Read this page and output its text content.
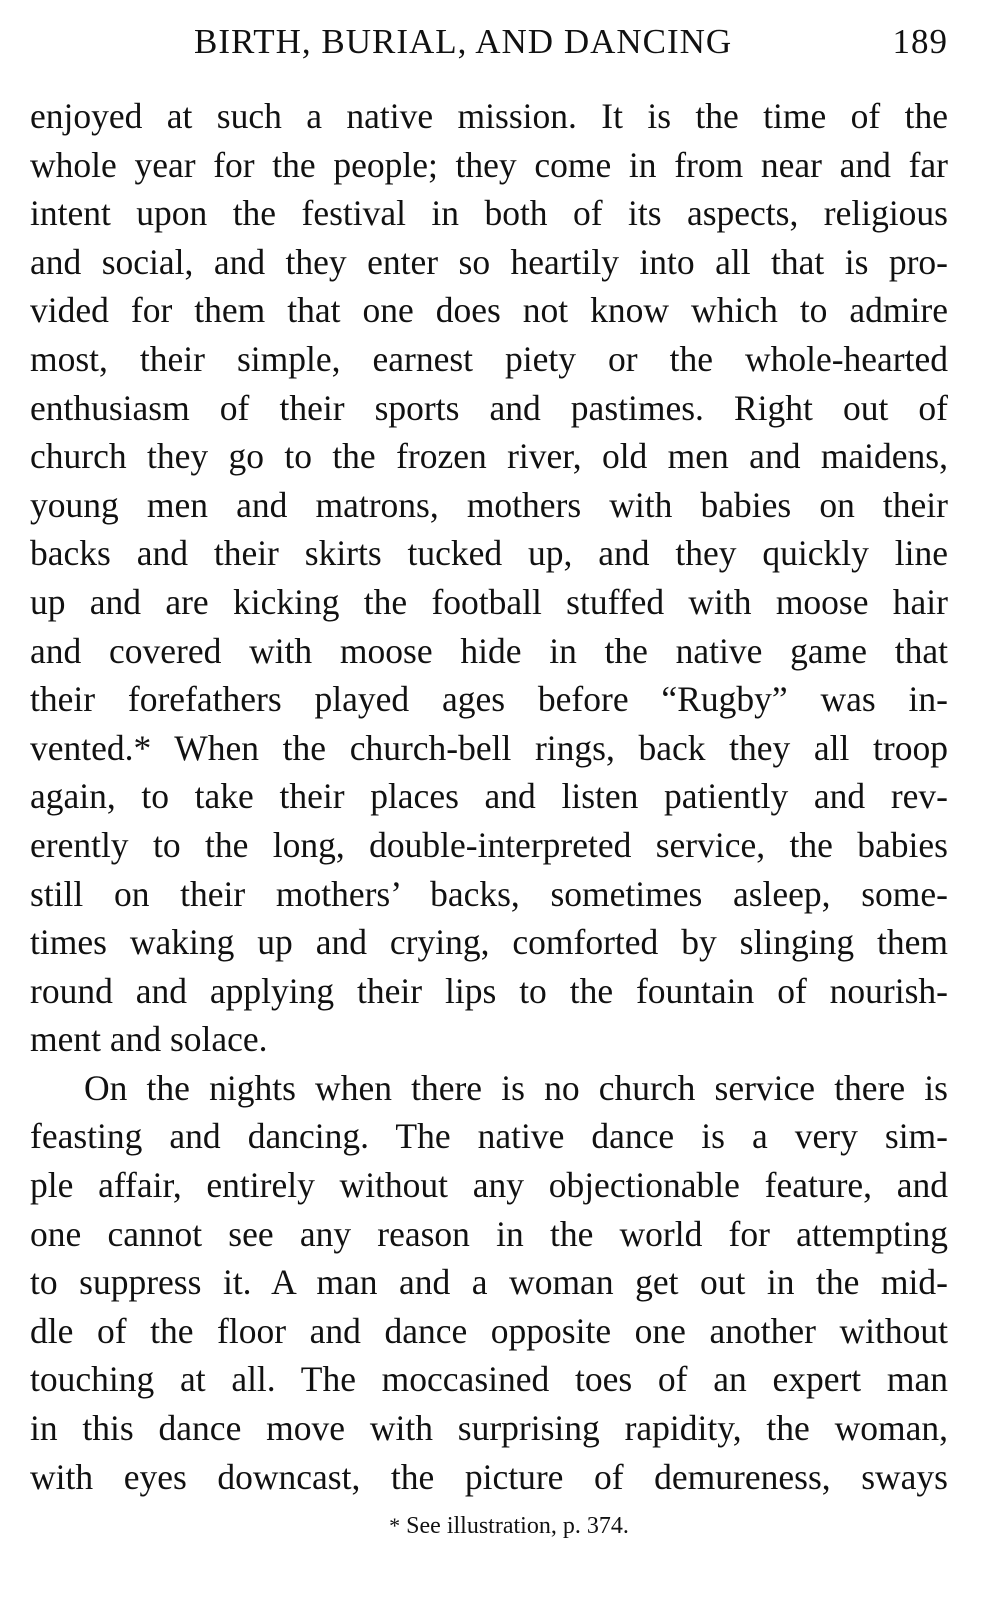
BIRTH, BURIAL, AND DANCING	189
enjoyed at such a native mission. It is the time of the
whole year for the people; they come in from near and far
intent upon the festival in both of its aspects, religious
and social, and they enter so heartily into all that is pro-
vided for them that one does not know which to admire
most, their simple, earnest piety or the whole-hearted
enthusiasm of their sports and pastimes. Right out of
church they go to the frozen river, old men and maidens,
young men and matrons, mothers with babies on their
backs and their skirts tucked up, and they quickly line
up and are kicking the football stuffed with moose hair
and covered with moose hide in the native game that
their forefathers played ages before “Rugby” was in-
vented.* When the church-bell rings, back they all troop
again, to take their places and listen patiently and rev-
erently to the long, double-interpreted service, the babies
still on their mothers’ backs, sometimes asleep, some-
times waking up and crying, comforted by slinging them
round and applying their lips to the fountain of nourish-
ment and solace.
On the nights when there is no church service there is
feasting and dancing. The native dance is a very sim-
ple affair, entirely without any objectionable feature, and
one cannot see any reason in the world for attempting
to suppress it. A man and a woman get out in the mid-
dle of the floor and dance opposite one another without
touching at all. The moccasined toes of an expert man
in this dance move with surprising rapidity, the woman,
with eyes downcast, the picture of demureness, sways
* See illustration, p. 374.
